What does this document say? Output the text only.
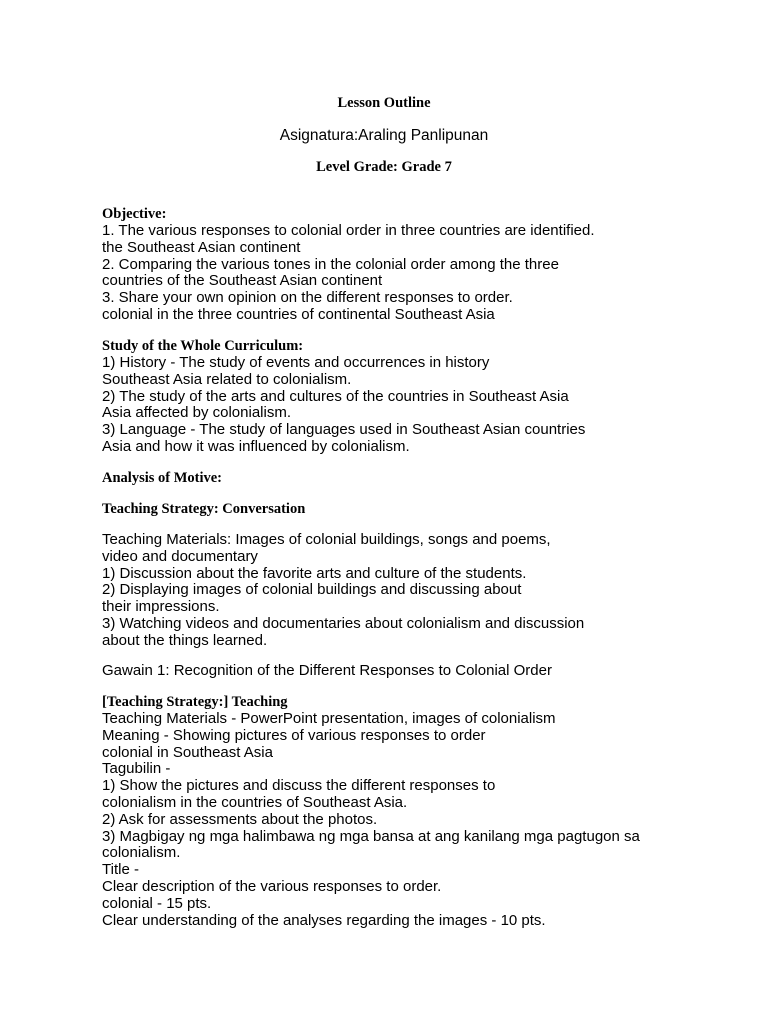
Lesson Outline
Asignatura:Araling Panlipunan
Level Grade: Grade 7

Objective:

1. The various responses to colonial order in three countries are identified.

the Southeast Asian continent

2. Comparing the various tones in the colonial order among the three

countries of the Southeast Asian continent

3. Share your own opinion on the different responses to order.

colonial in the three countries of continental Southeast Asia

Study of the Whole Curriculum:

1) History - The study of events and occurrences in history

Southeast Asia related to colonialism.

2) The study of the arts and cultures of the countries in Southeast Asia

Asia affected by colonialism.

3) Language - The study of languages used in Southeast Asian countries

Asia and how it was influenced by colonialism.

Analysis of Motive:

Teaching Strategy: Conversation

Teaching Materials: Images of colonial buildings, songs and poems,

video and documentary

1) Discussion about the favorite arts and culture of the students.

2) Displaying images of colonial buildings and discussing about

their impressions.

3) Watching videos and documentaries about colonialism and discussion

about the things learned.

Gawain 1: Recognition of the Different Responses to Colonial Order

[Teaching Strategy:] Teaching

Teaching Materials - PowerPoint presentation, images of colonialism

Meaning - Showing pictures of various responses to order

colonial in Southeast Asia

Tagubilin -

1) Show the pictures and discuss the different responses to

colonialism in the countries of Southeast Asia.

2) Ask for assessments about the photos.

3) Magbigay ng mga halimbawa ng mga bansa at ang kanilang mga pagtugon sa

colonialism.

Title -

Clear description of the various responses to order.

colonial - 15 pts.

Clear understanding of the analyses regarding the images - 10 pts.
